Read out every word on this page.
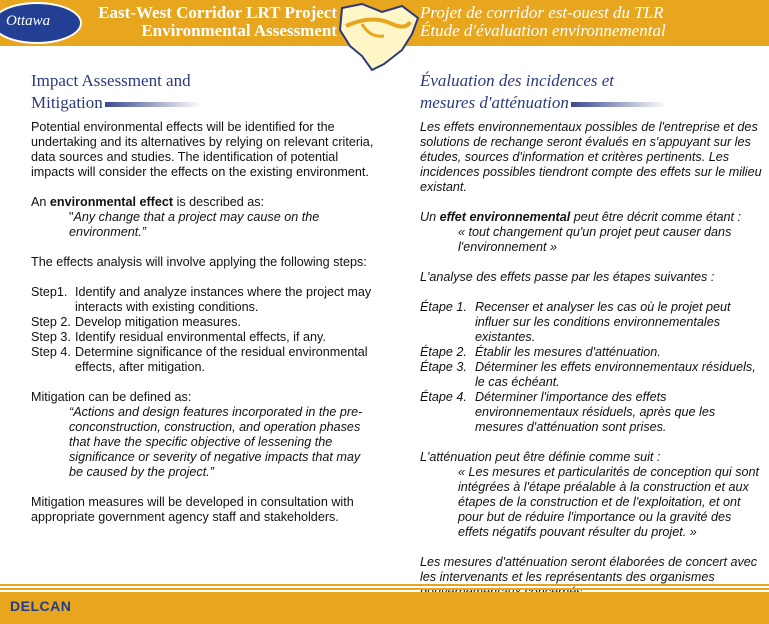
Ottawa	East-West Corridor LRT Project
Environmental Assessment
Projet de corridor est-ouest du TLR
Étude d'évaluation environnemental
Impact Assessment and
Mitigation

Potential environmental effects will be identified for the undertaking and its alternatives by relying on relevant criteria, data sources and studies. The identification of potential impacts will consider the effects on the existing environment.

An environmental effect is described as:
"Any change that a project may cause on the environment.”

The effects analysis will involve applying the following steps:

Step1. Identify and analyze instances where the project may interacts with existing conditions.
Step 2. Develop mitigation measures.
Step 3. Identify residual environmental effects, if any.
Step 4. Determine significance of the residual environmental effects, after mitigation.

Mitigation can be defined as:
“Actions and design features incorporated in the pre-conconstruction, construction, and operation phases that have the specific objective of lessening the significance or severity of negative impacts that may be caused by the project.”

Mitigation measures will be developed in consultation with appropriate government agency staff and stakeholders.

Évaluation des incidences et
mesures d'atténuation

Les effets environnementaux possibles de l'entreprise et des solutions de rechange seront évalués en s'appuyant sur les études, sources d'information et critères pertinents. Les incidences possibles tiendront compte des effets sur le milieu existant.

Un effet environnemental peut être décrit comme étant :
« tout changement qu'un projet peut causer dans l'environnement »

L'analyse des effets passe par les étapes suivantes :

Étape 1. Recenser et analyser les cas où le projet peut influer sur les conditions environnementales existantes.
Étape 2. Établir les mesures d'atténuation.
Étape 3. Déterminer les effets environnementaux résiduels, le cas échéant.
Étape 4. Déterminer l'importance des effets environnementaux résiduels, après que les mesures d'atténuation sont prises.

L'atténuation peut être définie comme suit :
« Les mesures et particularités de conception qui sont intégrées à l'étape préalable à la construction et aux étapes de la construction et de l'exploitation, et ont pour but de réduire l'importance ou la gravité des effets négatifs pouvant résulter du projet. »

Les mesures d'atténuation seront élaborées de concert avec les intervenants et les représentants des organismes

DELCAN
